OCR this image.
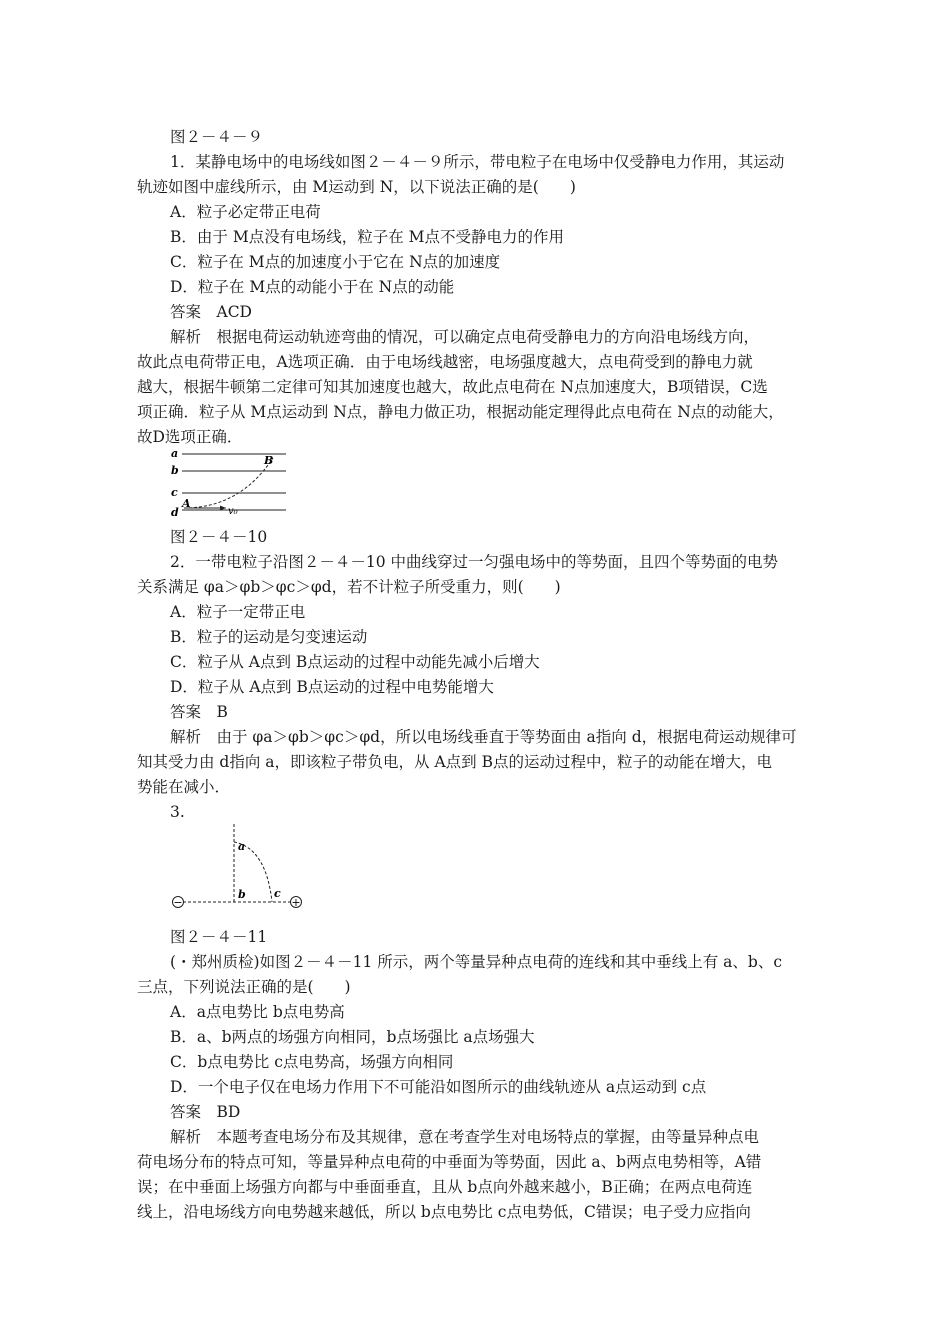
图２－４－９
1．某静电场中的电场线如图２－４－９所示，带电粒子在电场中仅受静电力作用，其运动
轨迹如图中虚线所示，由 M运动到 N，以下说法正确的是(　　)
A．粒子必定带正电荷
B．由于 M点没有电场线，粒子在 M点不受静电力的作用
C．粒子在 M点的加速度小于它在 N点的加速度
D．粒子在 M点的动能小于在 N点的动能
答案　ACD
解析　根据电荷运动轨迹弯曲的情况，可以确定点电荷受静电力的方向沿电场线方向，
故此点电荷带正电，A选项正确．由于电场线越密，电场强度越大，点电荷受到的静电力就
越大，根据牛顿第二定律可知其加速度也越大，故此点电荷在 N点加速度大，B项错误，C选
项正确．粒子从 M点运动到 N点，静电力做正功，根据动能定理得此点电荷在 N点的动能大，
故D选项正确．
a
b
c
d
A
B
v₀
图２－４－10
2．一带电粒子沿图２－４－10 中曲线穿过一匀强电场中的等势面，且四个等势面的电势
关系满足 φa＞φb＞φc＞φd，若不计粒子所受重力，则(　　)
A．粒子一定带正电
B．粒子的运动是匀变速运动
C．粒子从 A点到 B点运动的过程中动能先减小后增大
D．粒子从 A点到 B点运动的过程中电势能增大
答案　B
解析　由于 φa＞φb＞φc＞φd，所以电场线垂直于等势面由 a指向 d，根据电荷运动规律可
知其受力由 d指向 a，即该粒子带负电，从 A点到 B点的运动过程中，粒子的动能在增大，电
势能在减小．
3.
−	+
a
b	c
图２－４－11
(・郑州质检)如图２－４－11 所示，两个等量异种点电荷的连线和其中垂线上有 a、b、c
三点，下列说法正确的是(　　)
A．a点电势比 b点电势高
B．a、b两点的场强方向相同，b点场强比 a点场强大
C．b点电势比 c点电势高，场强方向相同
D．一个电子仅在电场力作用下不可能沿如图所示的曲线轨迹从 a点运动到 c点
答案　BD
解析　本题考查电场分布及其规律，意在考查学生对电场特点的掌握，由等量异种点电
荷电场分布的特点可知，等量异种点电荷的中垂面为等势面，因此 a、b两点电势相等，A错
误；在中垂面上场强方向都与中垂面垂直，且从 b点向外越来越小，B正确；在两点电荷连
线上，沿电场线方向电势越来越低，所以 b点电势比 c点电势低，C错误；电子受力应指向
